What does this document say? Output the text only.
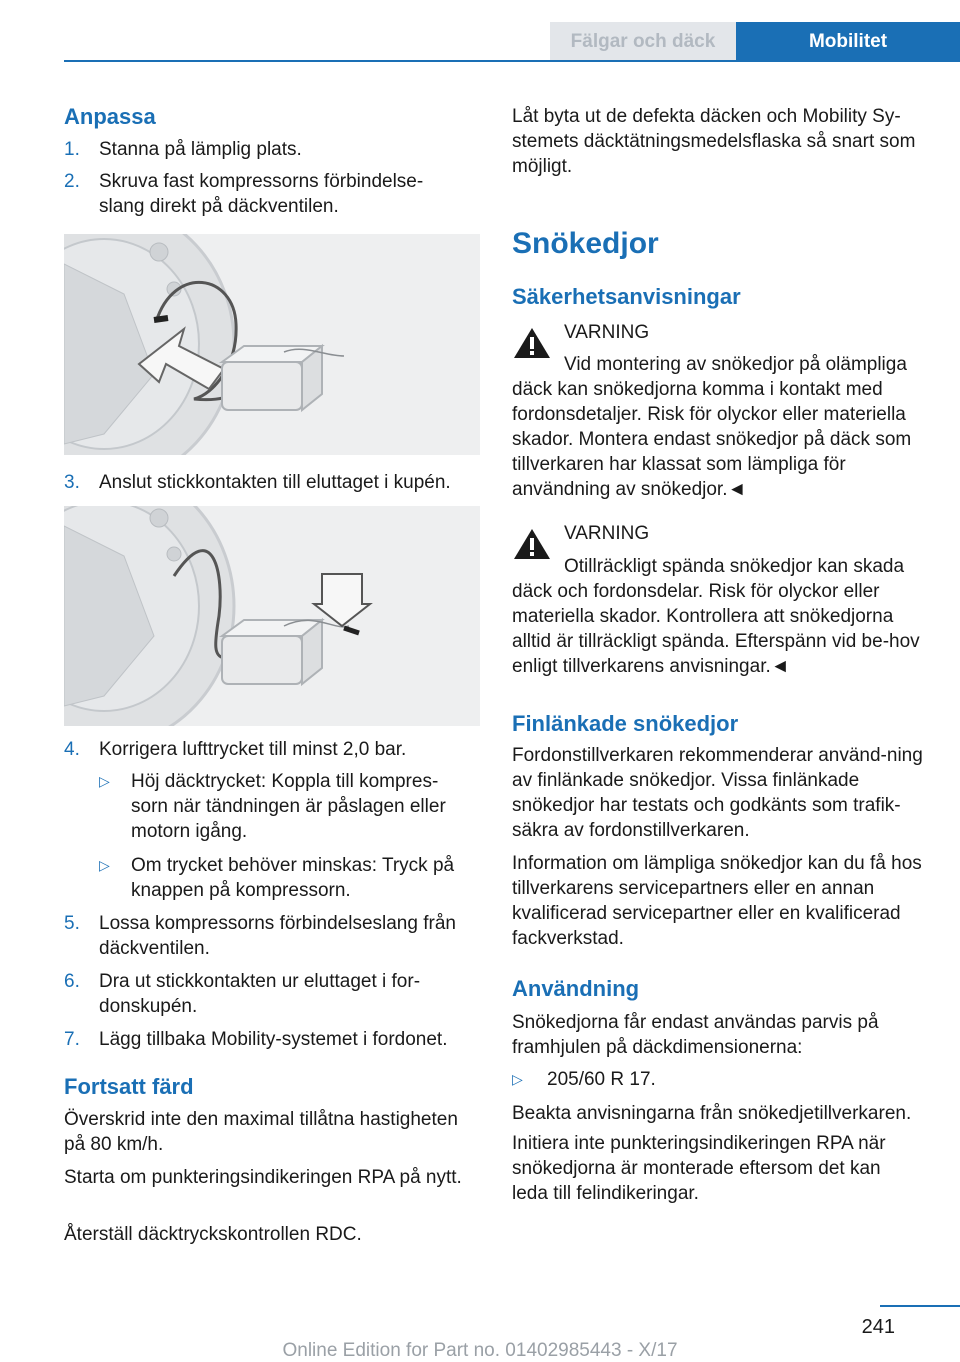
Fälgar och däck	Mobilitet
Anpassa
1. Stanna på lämplig plats.
2. Skruva fast kompressorns förbindelse-slang direkt på däckventilen.
3. Anslut stickkontakten till eluttaget i kupén.
4. Korrigera lufttrycket till minst 2,0 bar.
▷ Höj däcktrycket: Koppla till kompres-sorn när tändningen är påslagen eller motorn igång.
▷ Om trycket behöver minskas: Tryck på knappen på kompressorn.
5. Lossa kompressorns förbindelseslang från däckventilen.
6. Dra ut stickkontakten ur eluttaget i for-donskupén.
7. Lägg tillbaka Mobility-systemet i fordonet.
Fortsatt färd

Överskrid inte den maximal tillåtna hastigheten på 80 km/h.

Starta om punkteringsindikeringen RPA på nytt.

Återställ däcktryckskontrollen RDC.

Låt byta ut de defekta däcken och Mobility Sy-stemets däcktätningsmedelsflaska så snart som möjligt.

Snökedjor
Säkerhetsanvisningar
VARNING
Vid montering av snökedjor på olämpliga däck kan snökedjorna komma i kontakt med fordonsdetaljer. Risk för olyckor eller materiella skador. Montera endast snökedjor på däck som tillverkaren har klassat som lämpliga för användning av snökedjor.◄
VARNING
Otillräckligt spända snökedjor kan skada däck och fordonsdelar. Risk för olyckor eller materiella skador. Kontrollera att snökedjorna alltid är tillräckligt spända. Efterspänn vid be-hov enligt tillverkarens anvisningar.◄
Finlänkade snökedjor

Fordonstillverkaren rekommenderar använd-ning av finlänkade snökedjor. Vissa finlänkade snökedjor har testats och godkänts som trafik-säkra av fordonstillverkaren.

Information om lämpliga snökedjor kan du få hos tillverkarens servicepartners eller en annan kvalificerad servicepartner eller en kvalificerad fackverkstad.

Användning

Snökedjorna får endast användas parvis på framhjulen på däckdimensionerna:

▷ 205/60 R 17.

Beakta anvisningarna från snökedjetillverkaren.

Initiera inte punkteringsindikeringen RPA när snökedjorna är monterade eftersom det kan leda till felindikeringar.

241
Online Edition for Part no. 01402985443 - X/17
